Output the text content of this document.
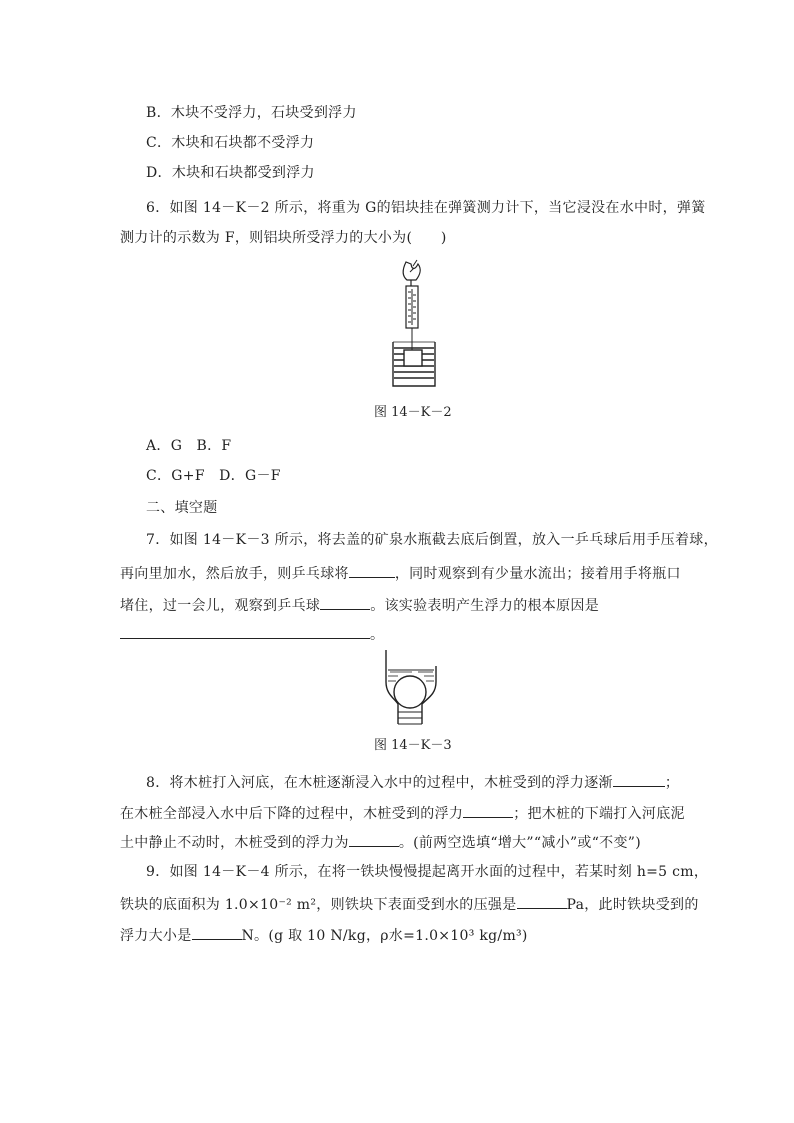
B．木块不受浮力，石块受到浮力
C．木块和石块都不受浮力
D．木块和石块都受到浮力
6．如图 14－K－2 所示，将重为 G的铝块挂在弹簧测力计下，当它浸没在水中时，弹簧
测力计的示数为 F，则铝块所受浮力的大小为(　　)
图 14－K－2
A．G　B．F
C．G+F　D．G－F
二、填空题
7．如图 14－K－3 所示，将去盖的矿泉水瓶截去底后倒置，放入一乒乓球后用手压着球，
再向里加水，然后放手，则乒乓球将	，同时观察到有少量水流出；接着用手将瓶口
堵住，过一会儿，观察到乒乓球	。该实验表明产生浮力的根本原因是
。
图 14－K－3
8．将木桩打入河底，在木桩逐渐浸入水中的过程中，木桩受到的浮力逐渐	；
在木桩全部浸入水中后下降的过程中，木桩受到的浮力	；把木桩的下端打入河底泥
土中静止不动时，木桩受到的浮力为	。(前两空选填“增大”“减小”或“不变”)
9．如图 14－K－4 所示，在将一铁块慢慢提起离开水面的过程中，若某时刻 h=5 cm，
铁块的底面积为 1.0×10⁻² m²，则铁块下表面受到水的压强是	Pa，此时铁块受到的
浮力大小是	N。(g 取 10 N/kg，ρ水=1.0×10³ kg/m³)
